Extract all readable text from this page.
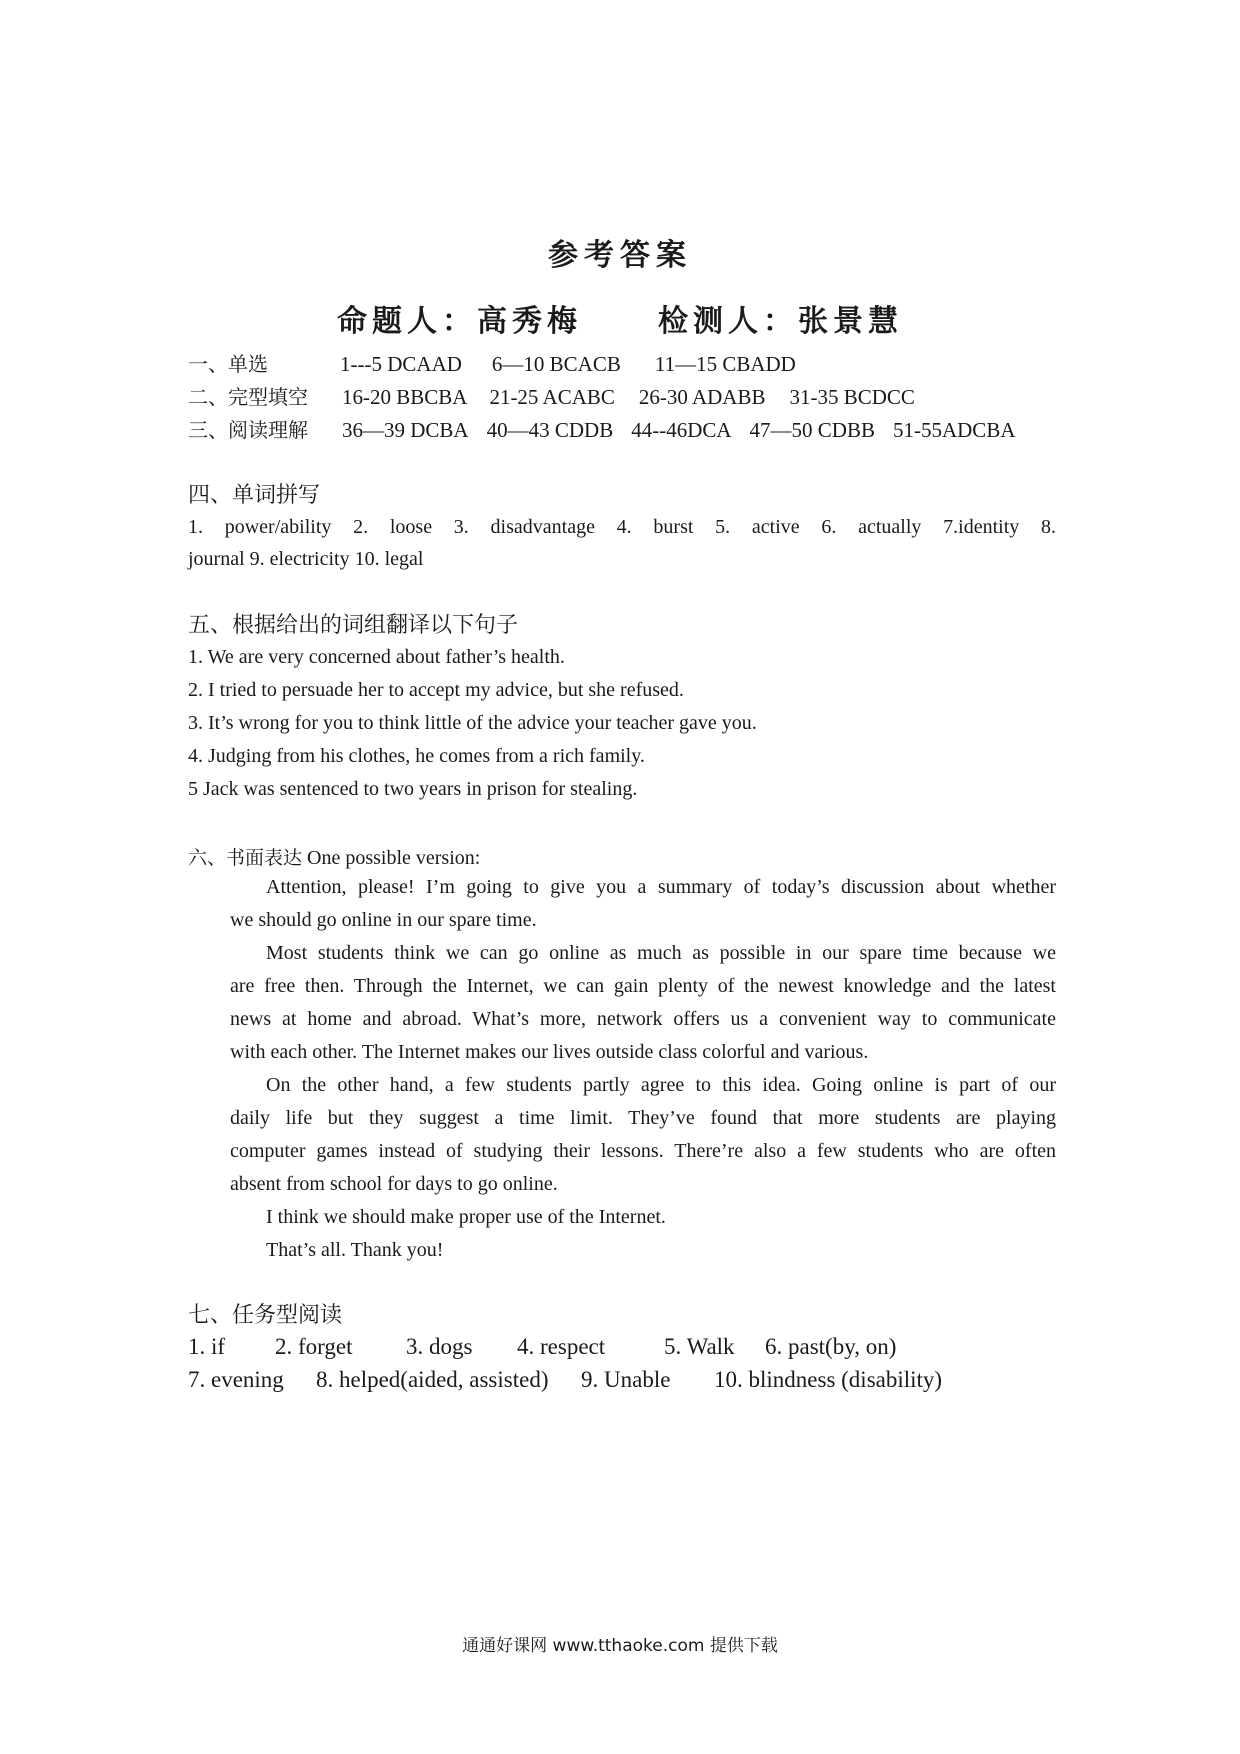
参考答案
命题人：高秀梅	检测人：张景慧
一、单选	1---5 DCAAD 6—10 BCACB 11—15 CBADD
二、完型填空 16-20 BBCBA 21-25 ACABC 26-30 ADABB 31-35 BCDCC
三、阅读理解 36—39 DCBA 40—43 CDDB 44--46DCA 47—50 CDBB 51-55ADCBA
四、单词拼写
1. power/ability 2. loose 3. disadvantage 4. burst 5. active 6. actually 7.identity 8.
journal 9. electricity 10. legal
五、根据给出的词组翻译以下句子
1. We are very concerned about father’s health.
2. I tried to persuade her to accept my advice, but she refused.
3. It’s wrong for you to think little of the advice your teacher gave you.
4. Judging from his clothes, he comes from a rich family.
5 Jack was sentenced to two years in prison for stealing.
六、书面表达 One possible version:
Attention, please! I’m going to give you a summary of today’s discussion about whether
we should go online in our spare time.
Most students think we can go online as much as possible in our spare time because we
are free then. Through the Internet, we can gain plenty of the newest knowledge and the latest
news at home and abroad. What’s more, network offers us a convenient way to communicate
with each other. The Internet makes our lives outside class colorful and various.
On the other hand, a few students partly agree to this idea. Going online is part of our
daily life but they suggest a time limit. They’ve found that more students are playing
computer games instead of studying their lessons. There’re also a few students who are often
absent from school for days to go online.
I think we should make proper use of the Internet.
That’s all. Thank you!
七、任务型阅读
1. if 2. forget 3. dogs 4. respect	5. Walk 6. past(by, on)
7. evening 8. helped(aided, assisted) 9. Unable 10. blindness (disability)
通通好课网 www.tthaoke.com 提供下载
